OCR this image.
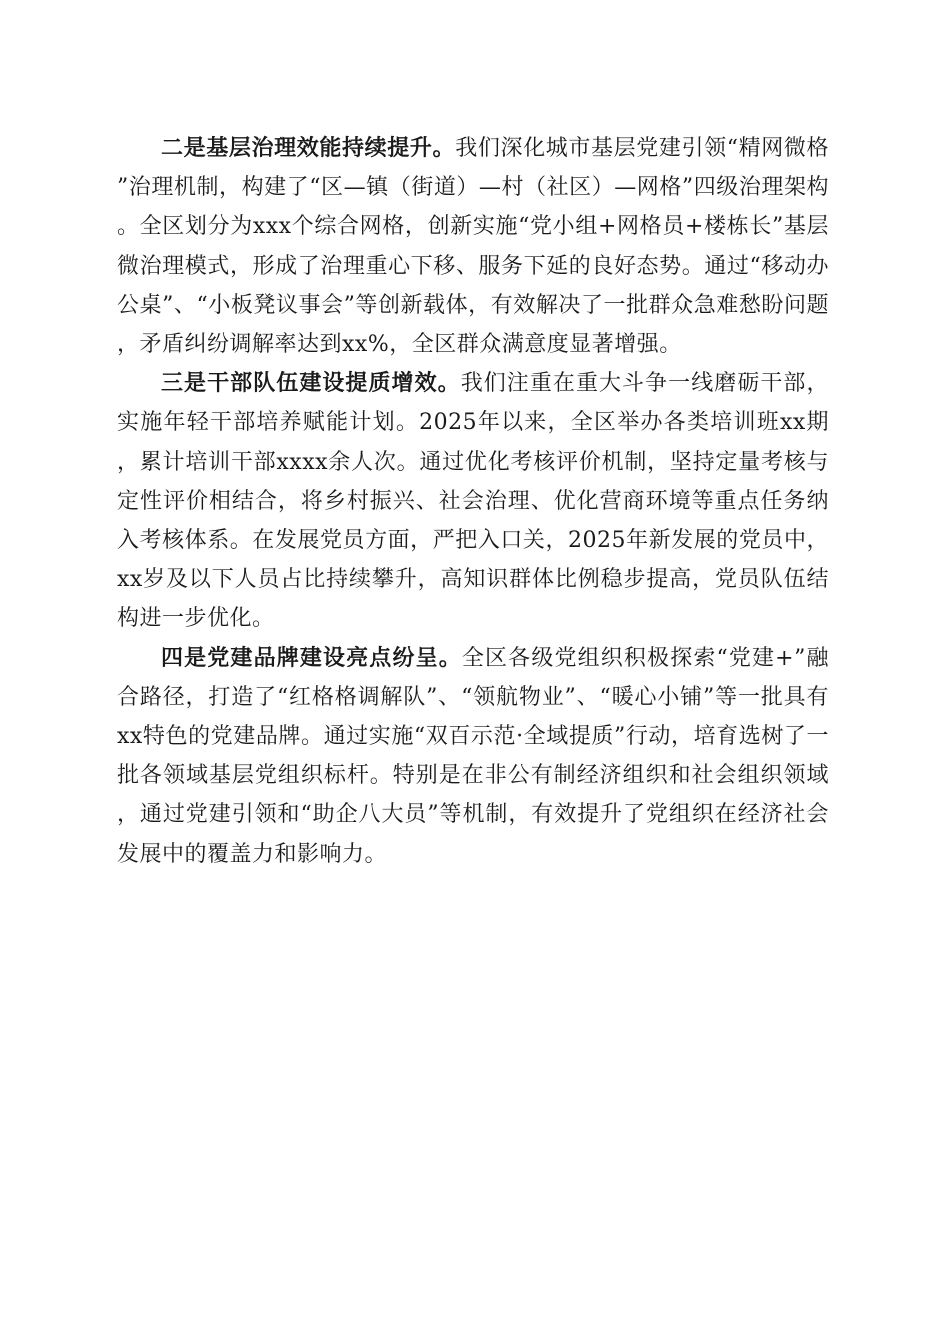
二是基层治理效能持续提升。我们深化城市基层党建引领“精网微格”治理机制，构建了“区—镇（街道）—村（社区）—网格”四级治理架构。全区划分为xxx个综合网格，创新实施“党小组+网格员+楼栋长”基层微治理模式，形成了治理重心下移、服务下延的良好态势。通过“移动办公桌”、“小板凳议事会”等创新载体，有效解决了一批群众急难愁盼问题，矛盾纠纷调解率达到xx%，全区群众满意度显著增强。

三是干部队伍建设提质增效。我们注重在重大斗争一线磨砺干部，实施年轻干部培养赋能计划。2025年以来，全区举办各类培训班xx期，累计培训干部xxxx余人次。通过优化考核评价机制，坚持定量考核与定性评价相结合，将乡村振兴、社会治理、优化营商环境等重点任务纳入考核体系。在发展党员方面，严把入口关，2025年新发展的党员中，xx岁及以下人员占比持续攀升，高知识群体比例稳步提高，党员队伍结构进一步优化。

四是党建品牌建设亮点纷呈。全区各级党组织积极探索“党建+”融合路径，打造了“红格格调解队”、“领航物业”、“暖心小铺”等一批具有xx特色的党建品牌。通过实施“双百示范·全域提质”行动，培育选树了一批各领域基层党组织标杆。特别是在非公有制经济组织和社会组织领域，通过党建引领和“助企八大员”等机制，有效提升了党组织在经济社会发展中的覆盖力和影响力。
